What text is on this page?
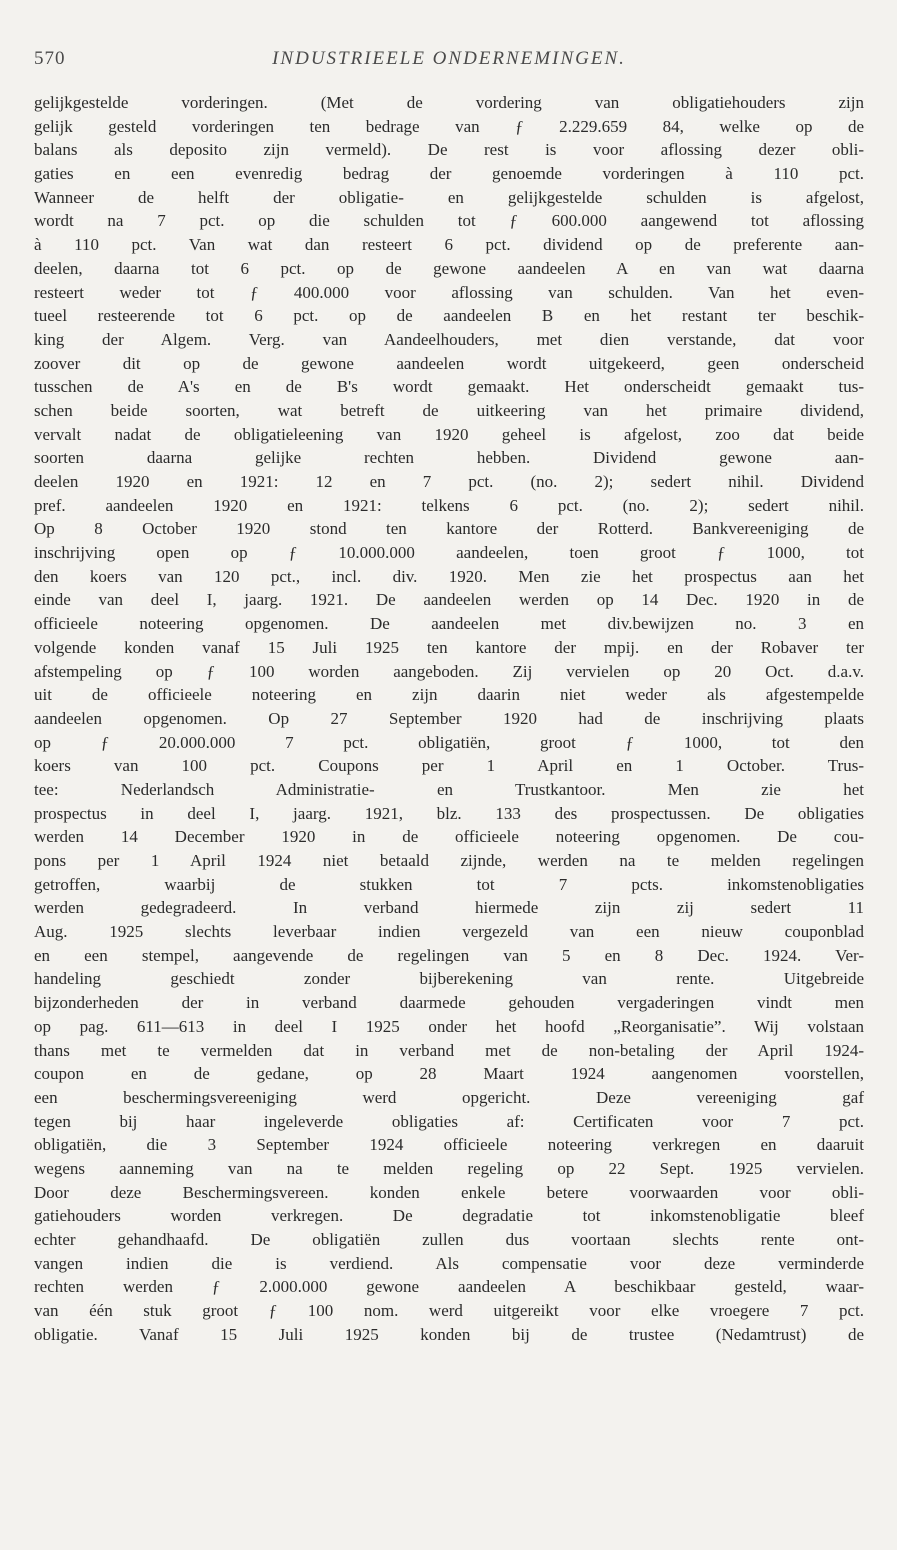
570	INDUSTRIEELE ONDERNEMINGEN.
gelijkgestelde vorderingen. (Met de vordering van obligatiehouders zijn
gelijk gesteld vorderingen ten bedrage van ƒ 2.229.659 84, welke op de
balans als deposito zijn vermeld). De rest is voor aflossing dezer obli-
gaties en een evenredig bedrag der genoemde vorderingen à 110 pct.
Wanneer de helft der obligatie- en gelijkgestelde schulden is afgelost,
wordt na 7 pct. op die schulden tot ƒ 600.000 aangewend tot aflossing
à 110 pct. Van wat dan resteert 6 pct. dividend op de preferente aan-
deelen, daarna tot 6 pct. op de gewone aandeelen A en van wat daarna
resteert weder tot ƒ 400.000 voor aflossing van schulden. Van het even-
tueel resteerende tot 6 pct. op de aandeelen B en het restant ter beschik-
king der Algem. Verg. van Aandeelhouders, met dien verstande, dat voor
zoover dit op de gewone aandeelen wordt uitgekeerd, geen onderscheid
tusschen de A's en de B's wordt gemaakt. Het onderscheidt gemaakt tus-
schen beide soorten, wat betreft de uitkeering van het primaire dividend,
vervalt nadat de obligatieleening van 1920 geheel is afgelost, zoo dat beide
soorten daarna gelijke rechten hebben. Dividend gewone aan-
deelen 1920 en 1921: 12 en 7 pct. (no. 2); sedert nihil. Dividend
pref. aandeelen 1920 en 1921: telkens 6 pct. (no. 2); sedert nihil.
Op 8 October 1920 stond ten kantore der Rotterd. Bankvereeniging de
inschrijving open op ƒ 10.000.000 aandeelen, toen groot ƒ 1000, tot
den koers van 120 pct., incl. div. 1920. Men zie het prospectus aan het
einde van deel I, jaarg. 1921. De aandeelen werden op 14 Dec. 1920 in de
officieele noteering opgenomen. De aandeelen met div.bewijzen no. 3 en
volgende konden vanaf 15 Juli 1925 ten kantore der mpij. en der Robaver ter
afstempeling op ƒ 100 worden aangeboden. Zij vervielen op 20 Oct. d.a.v.
uit de officieele noteering en zijn daarin niet weder als afgestempelde
aandeelen opgenomen. Op 27 September 1920 had de inschrijving plaats
op ƒ 20.000.000 7 pct. obligatiën, groot ƒ 1000, tot den
koers van 100 pct. Coupons per 1 April en 1 October. Trus-
tee: Nederlandsch Administratie- en Trustkantoor. Men zie het
prospectus in deel I, jaarg. 1921, blz. 133 des prospectussen. De obligaties
werden 14 December 1920 in de officieele noteering opgenomen. De cou-
pons per 1 April 1924 niet betaald zijnde, werden na te melden regelingen
getroffen, waarbij de stukken tot 7 pcts. inkomstenobligaties
werden gedegradeerd. In verband hiermede zijn zij sedert 11
Aug. 1925 slechts leverbaar indien vergezeld van een nieuw couponblad
en een stempel, aangevende de regelingen van 5 en 8 Dec. 1924. Ver-
handeling geschiedt zonder bijberekening van rente. Uitgebreide
bijzonderheden der in verband daarmede gehouden vergaderingen vindt men
op pag. 611—613 in deel I 1925 onder het hoofd „Reorganisatie”. Wij volstaan
thans met te vermelden dat in verband met de non-betaling der April 1924-
coupon en de gedane, op 28 Maart 1924 aangenomen voorstellen,
een beschermingsvereeniging werd opgericht. Deze vereeniging gaf
tegen bij haar ingeleverde obligaties af: Certificaten voor 7 pct.
obligatiën, die 3 September 1924 officieele noteering verkregen en daaruit
wegens aanneming van na te melden regeling op 22 Sept. 1925 vervielen.
Door deze Beschermingsvereen. konden enkele betere voorwaarden voor obli-
gatiehouders worden verkregen. De degradatie tot inkomstenobligatie bleef
echter gehandhaafd. De obligatiën zullen dus voortaan slechts rente ont-
vangen indien die is verdiend. Als compensatie voor deze verminderde
rechten werden ƒ 2.000.000 gewone aandeelen A beschikbaar gesteld, waar-
van één stuk groot ƒ 100 nom. werd uitgereikt voor elke vroegere 7 pct.
obligatie. Vanaf 15 Juli 1925 konden bij de trustee (Nedamtrust) de
